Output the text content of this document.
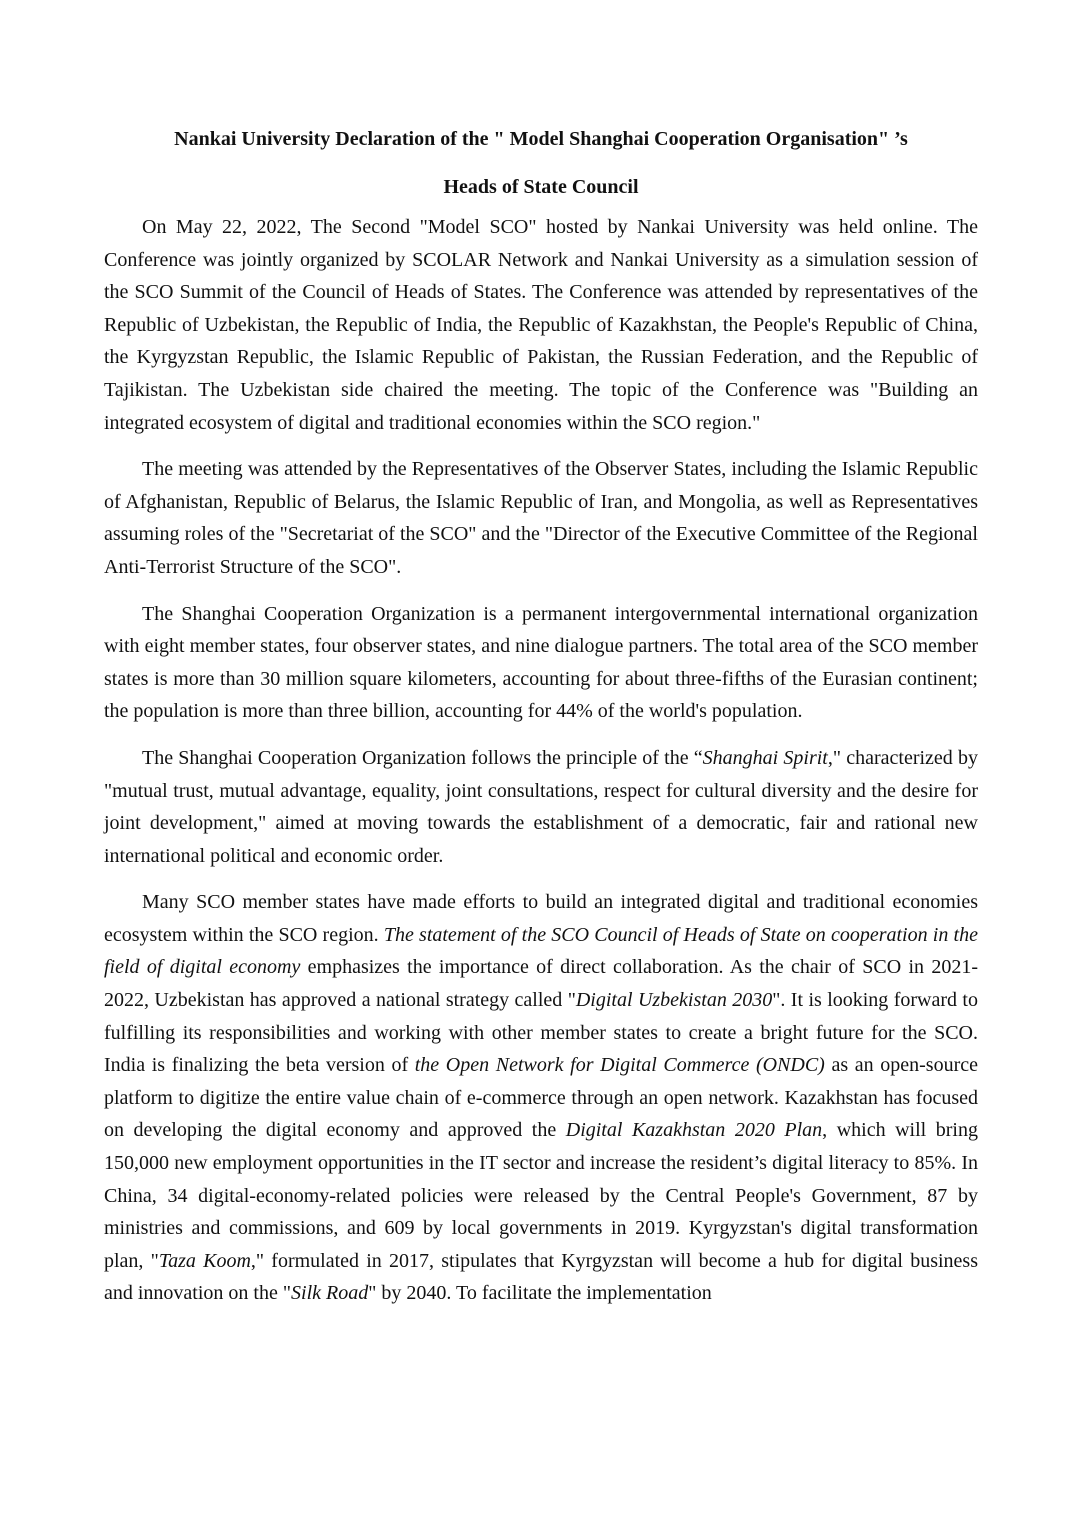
Nankai University Declaration of the " Model Shanghai Cooperation Organisation" ’s

Heads of State Council

On May 22, 2022, The Second "Model SCO" hosted by Nankai University was held online. The Conference was jointly organized by SCOLAR Network and Nankai University as a simulation session of the SCO Summit of the Council of Heads of States. The Conference was attended by representatives of the Republic of Uzbekistan, the Republic of India, the Republic of Kazakhstan, the People's Republic of China, the Kyrgyzstan Republic, the Islamic Republic of Pakistan, the Russian Federation, and the Republic of Tajikistan. The Uzbekistan side chaired the meeting. The topic of the Conference was "Building an integrated ecosystem of digital and traditional economies within the SCO region."

The meeting was attended by the Representatives of the Observer States, including the Islamic Republic of Afghanistan, Republic of Belarus, the Islamic Republic of Iran, and Mongolia, as well as Representatives assuming roles of the "Secretariat of the SCO" and the "Director of the Executive Committee of the Regional Anti-Terrorist Structure of the SCO".

The Shanghai Cooperation Organization is a permanent intergovernmental international organization with eight member states, four observer states, and nine dialogue partners. The total area of the SCO member states is more than 30 million square kilometers, accounting for about three-fifths of the Eurasian continent; the population is more than three billion, accounting for 44% of the world's population.

The Shanghai Cooperation Organization follows the principle of the “Shanghai Spirit," characterized by "mutual trust, mutual advantage, equality, joint consultations, respect for cultural diversity and the desire for joint development," aimed at moving towards the establishment of a democratic, fair and rational new international political and economic order.

Many SCO member states have made efforts to build an integrated digital and traditional economies ecosystem within the SCO region. The statement of the SCO Council of Heads of State on cooperation in the field of digital economy emphasizes the importance of direct collaboration. As the chair of SCO in 2021-2022, Uzbekistan has approved a national strategy called "Digital Uzbekistan 2030". It is looking forward to fulfilling its responsibilities and working with other member states to create a bright future for the SCO. India is finalizing the beta version of the Open Network for Digital Commerce (ONDC) as an open-source platform to digitize the entire value chain of e-commerce through an open network. Kazakhstan has focused on developing the digital economy and approved the Digital Kazakhstan 2020 Plan, which will bring 150,000 new employment opportunities in the IT sector and increase the resident’s digital literacy to 85%. In China, 34 digital-economy-related policies were released by the Central People's Government, 87 by ministries and commissions, and 609 by local governments in 2019. Kyrgyzstan's digital transformation plan, "Taza Koom," formulated in 2017, stipulates that Kyrgyzstan will become a hub for digital business and innovation on the "Silk Road" by 2040. To facilitate the implementation
